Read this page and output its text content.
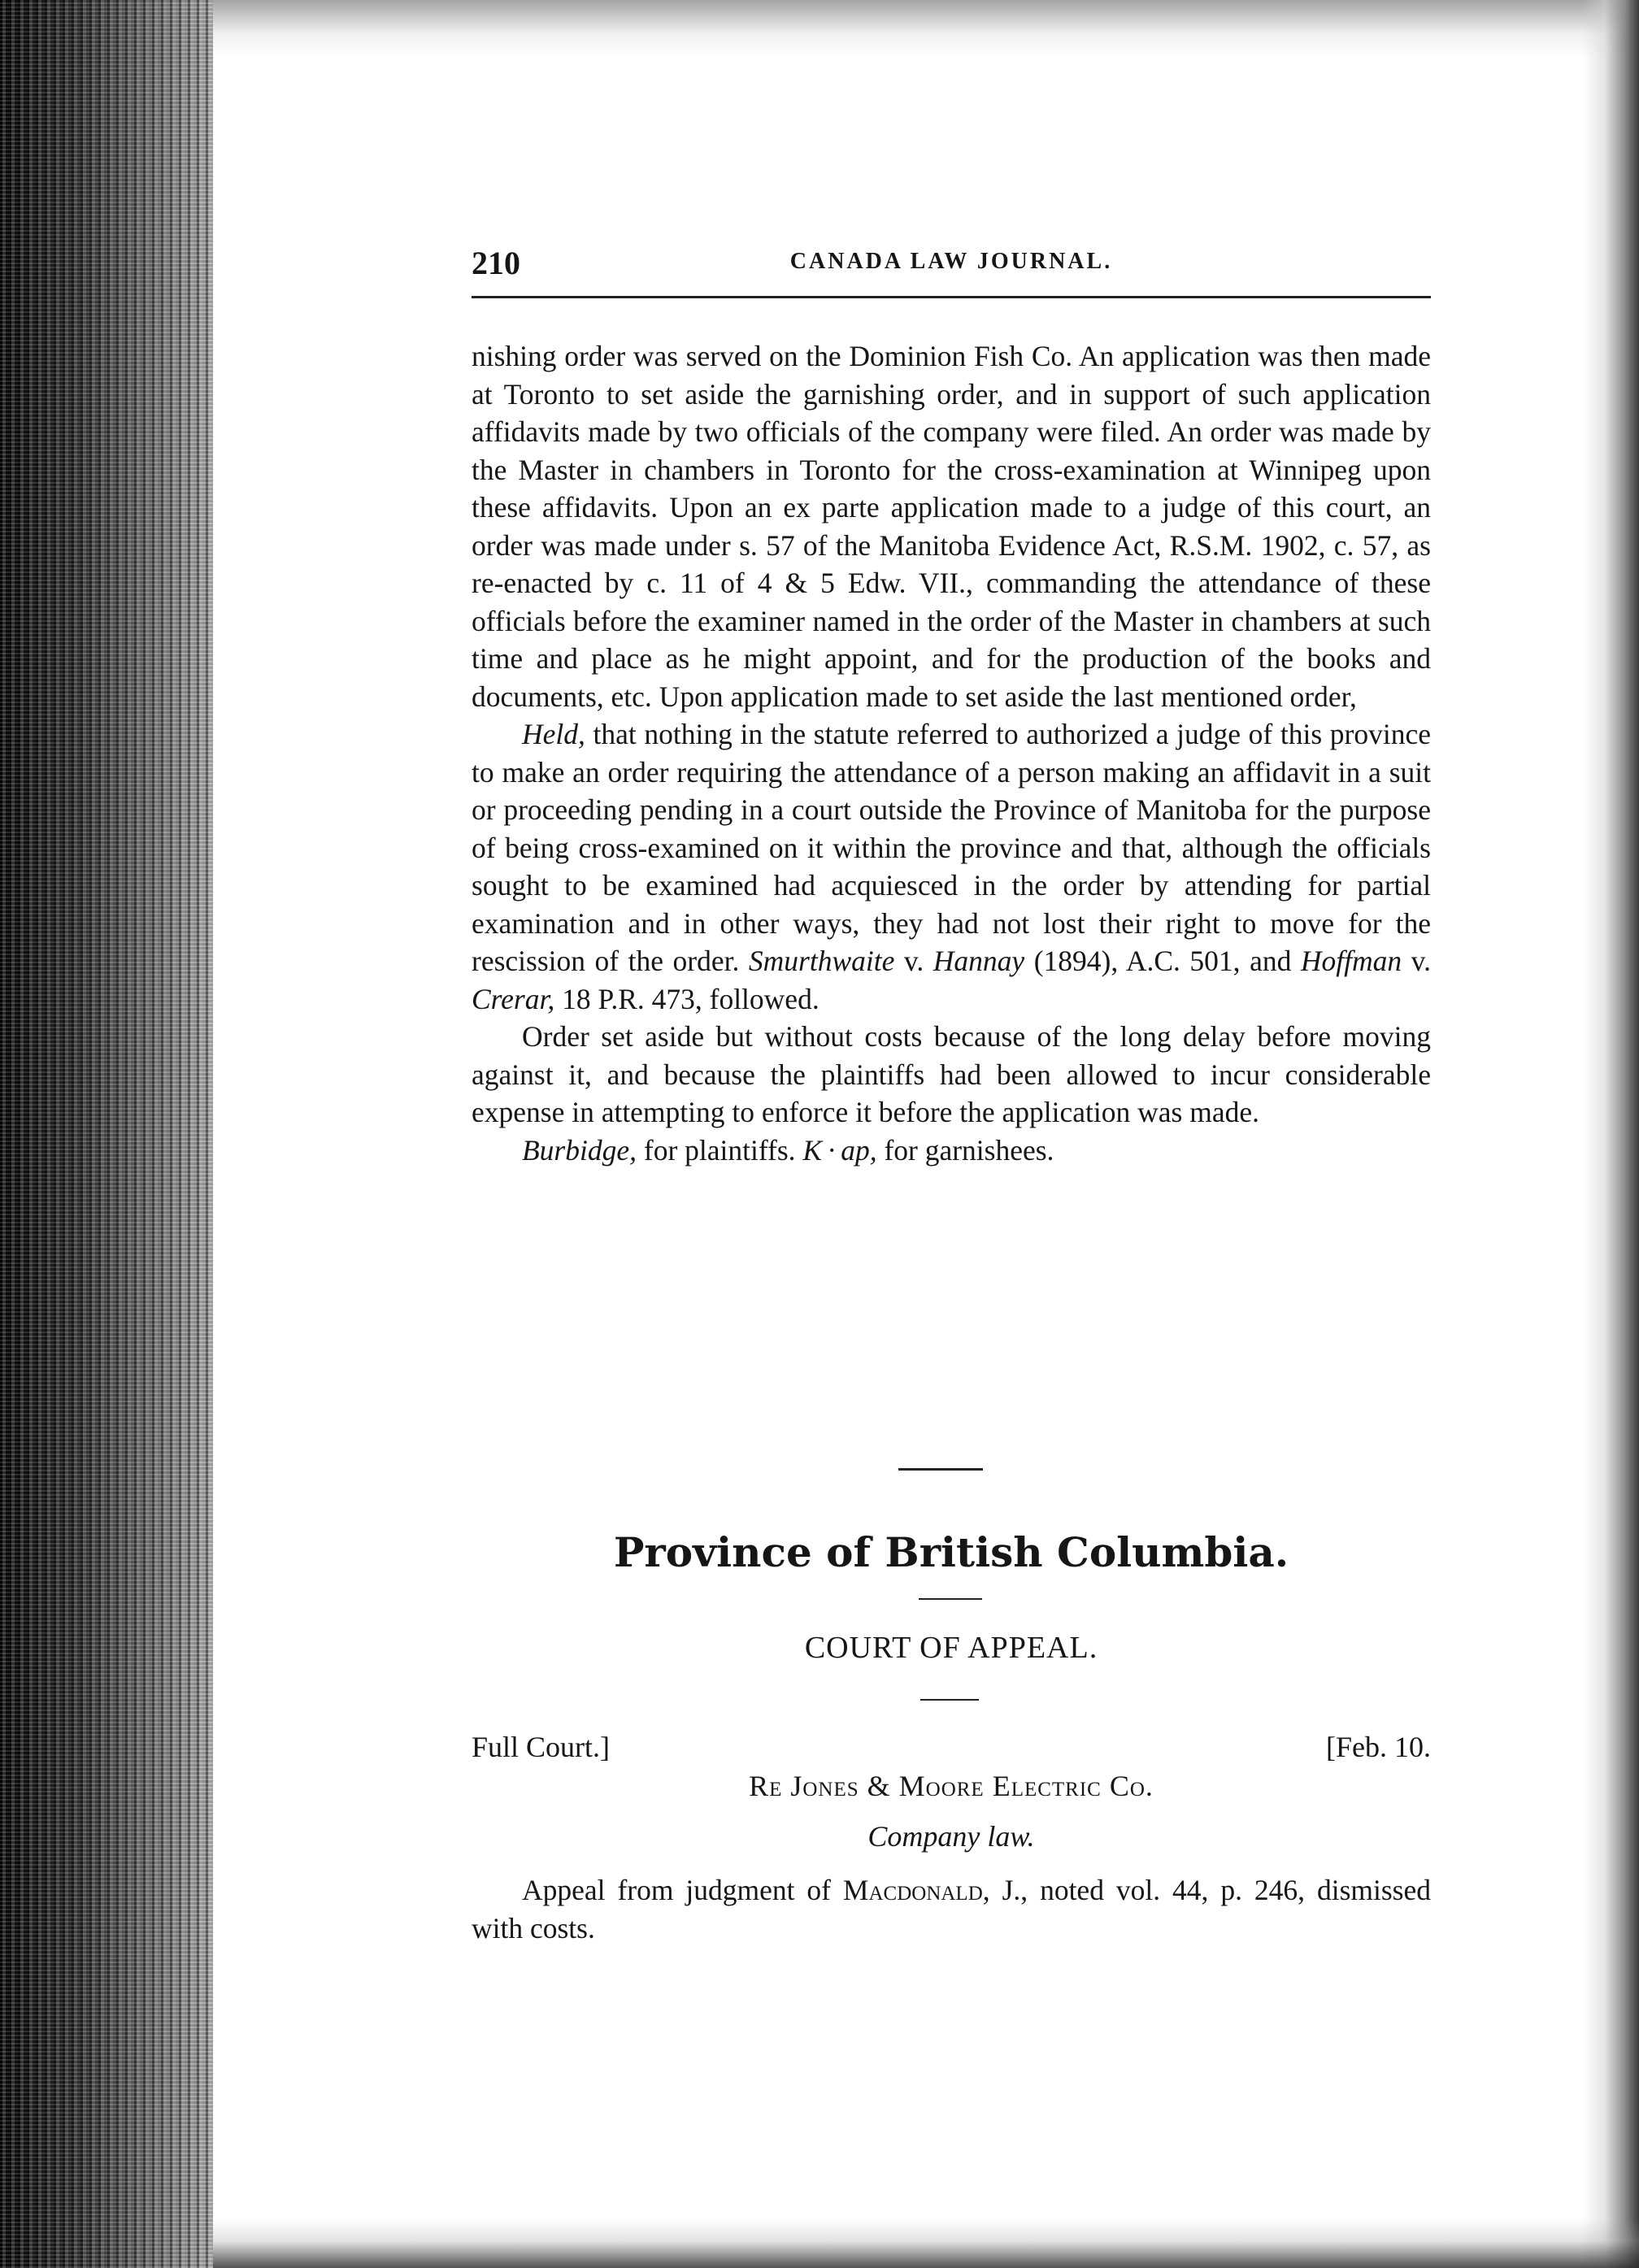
210	CANADA LAW JOURNAL.

nishing order was served on the Dominion Fish Co. An application was then made at Toronto to set aside the garnishing order, and in support of such application affidavits made by two officials of the company were filed. An order was made by the Master in chambers in Toronto for the cross-examination at Winnipeg upon these affidavits. Upon an ex parte application made to a judge of this court, an order was made under s. 57 of the Manitoba Evidence Act, R.S.M. 1902, c. 57, as re-enacted by c. 11 of 4 & 5 Edw. VII., commanding the attendance of these officials before the examiner named in the order of the Master in chambers at such time and place as he might appoint, and for the production of the books and documents, etc. Upon application made to set aside the last mentioned order,

Held, that nothing in the statute referred to authorized a judge of this province to make an order requiring the attendance of a person making an affidavit in a suit or proceeding pending in a court outside the Province of Manitoba for the purpose of being cross-examined on it within the province and that, although the officials sought to be examined had acquiesced in the order by attending for partial examination and in other ways, they had not lost their right to move for the rescission of the order. Smurthwaite v. Hannay (1894), A.C. 501, and Hoffman v. Crerar, 18 P.R. 473, followed.

Order set aside but without costs because of the long delay before moving against it, and because the plaintiffs had been allowed to incur considerable expense in attempting to enforce it before the application was made.

Burbidge, for plaintiffs. K · ap, for garnishees.

Province of British Columbia.
COURT OF APPEAL.
Full Court.]	[Feb. 10.
Re Jones & Moore Electric Co.
Company law.
Appeal from judgment of Macdonald, J., noted vol. 44, p. 246, dismissed with costs.
